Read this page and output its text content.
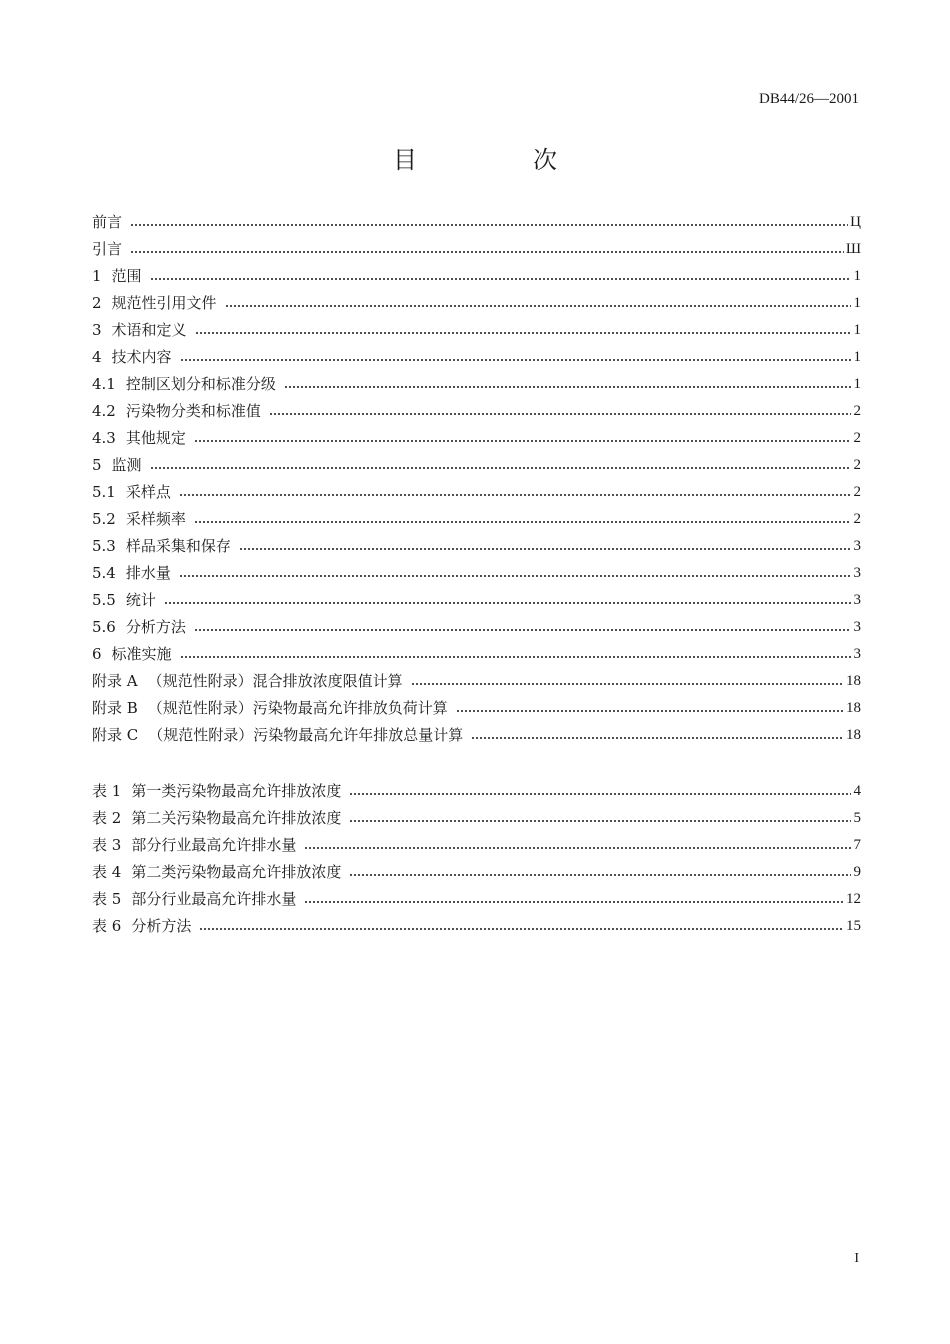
DB44/26—2001
目　次
前言	Ц
引言	Ш
1 范围	1
2 规范性引用文件	1
3 术语和定义	1
4 技术内容	1
4.1 控制区划分和标准分级	1
4.2 污染物分类和标准值	2
4.3 其他规定	2
5 监测	2
5.1 采样点	2
5.2 采样频率	2
5.3 样品采集和保存	3
5.4 排水量	3
5.5 统计	3
5.6 分析方法	3
6 标准实施	3
附录 A （规范性附录）混合排放浓度限值计算	18
附录 B （规范性附录）污染物最高允许排放负荷计算	18
附录 C （规范性附录）污染物最高允许年排放总量计算	18
表 1 第一类污染物最高允许排放浓度	4
表 2 第二关污染物最高允许排放浓度	5
表 3 部分行业最高允许排水量	7
表 4 第二类污染物最高允许排放浓度	9
表 5 部分行业最高允许排水量	12
表 6 分析方法	15
I
